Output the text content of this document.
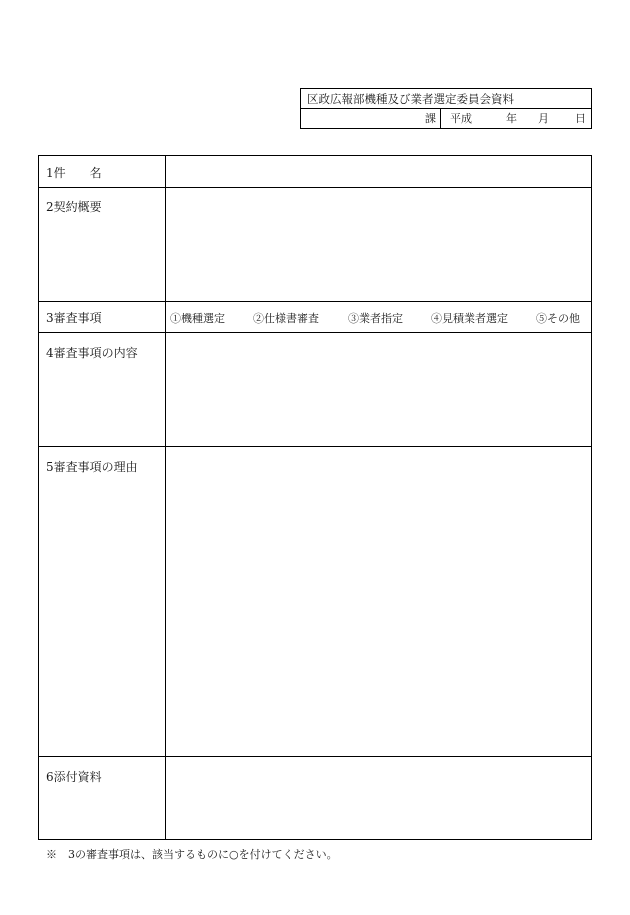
区政広報部機種及び業者選定委員会資料
課 平成	年 月 日
1件　　名
2契約概要
3審査事項	①機種選定	②仕様書審査	③業者指定	④見積業者選定	⑤その他
4審査事項の内容
5審査事項の理由
6添付資料
※　3の審査事項は、該当するものに○を付けてください。
